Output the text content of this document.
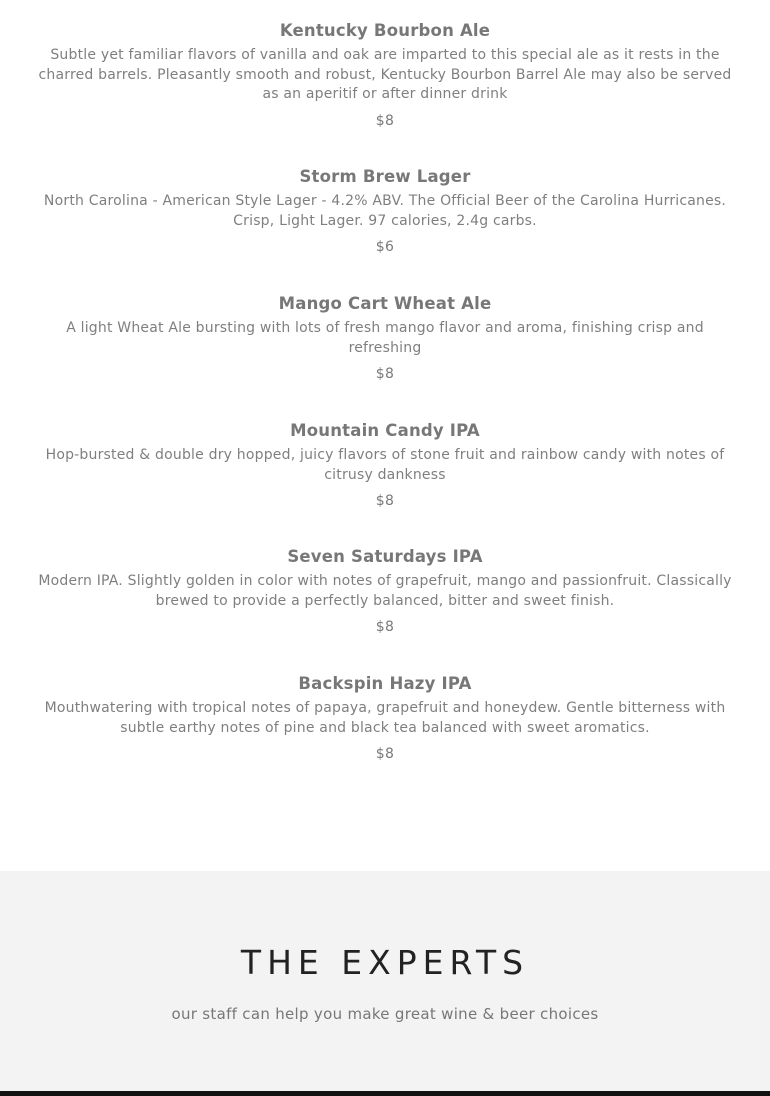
Kentucky Bourbon Ale
Subtle yet familiar flavors of vanilla and oak are imparted to this special ale as it rests in the charred barrels. Pleasantly smooth and robust, Kentucky Bourbon Barrel Ale may also be served as an aperitif or after dinner drink
$8
Storm Brew Lager
North Carolina - American Style Lager - 4.2% ABV. The Official Beer of the Carolina Hurricanes. Crisp, Light Lager. 97 calories, 2.4g carbs.
$6
Mango Cart Wheat Ale
A light Wheat Ale bursting with lots of fresh mango flavor and aroma, finishing crisp and refreshing
$8
Mountain Candy IPA
Hop-bursted & double dry hopped, juicy flavors of stone fruit and rainbow candy with notes of citrusy dankness
$8
Seven Saturdays IPA
Modern IPA. Slightly golden in color with notes of grapefruit, mango and passionfruit. Classically brewed to provide a perfectly balanced, bitter and sweet finish.
$8
Backspin Hazy IPA
Mouthwatering with tropical notes of papaya, grapefruit and honeydew. Gentle bitterness with subtle earthy notes of pine and black tea balanced with sweet aromatics.
$8
THE EXPERTS
our staff can help you make great wine & beer choices
